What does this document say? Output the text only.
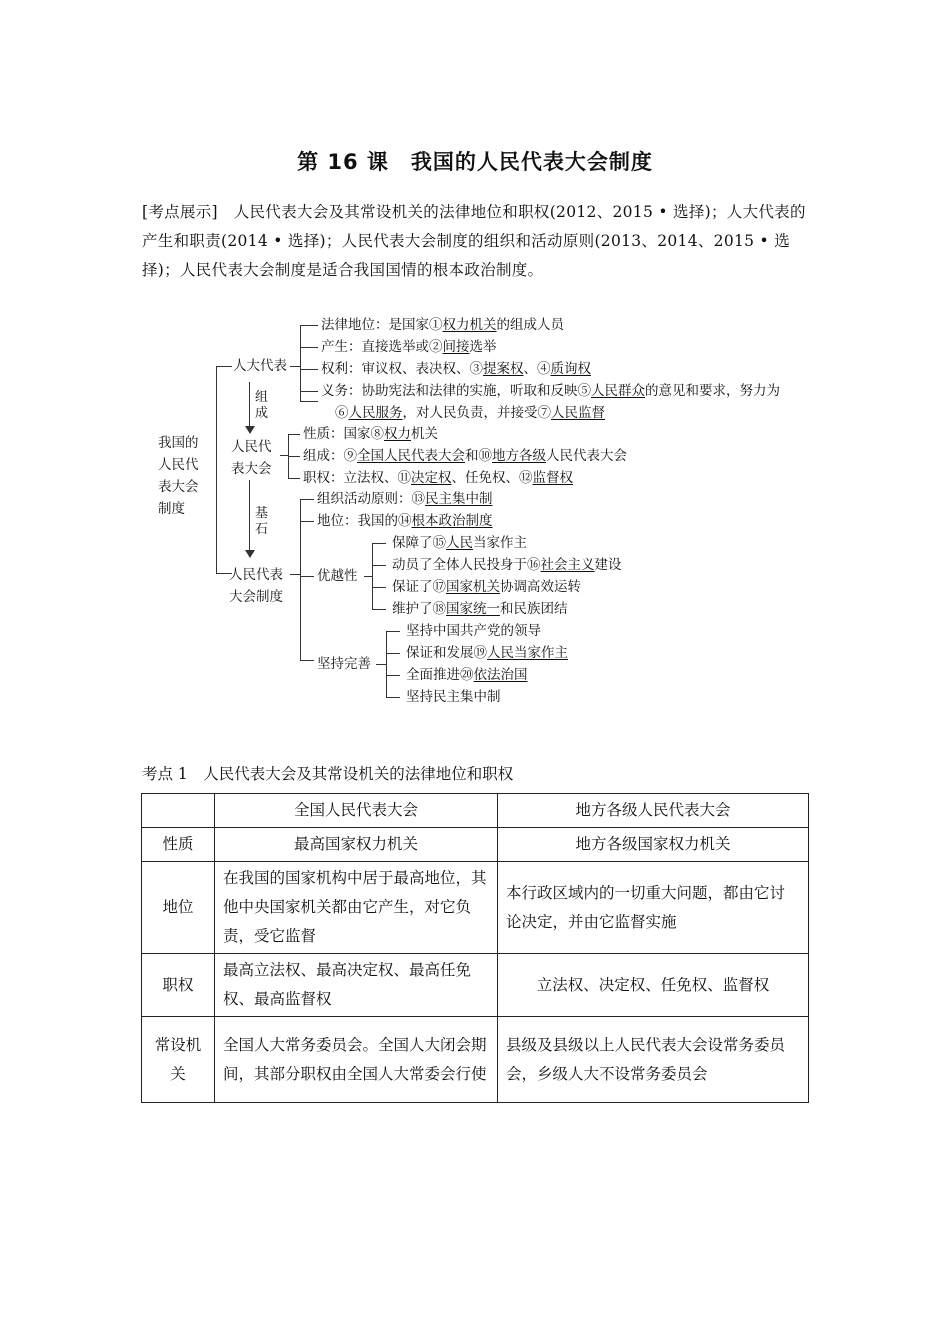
第 16 课　我国的人民代表大会制度
[考点展示]　人民代表大会及其常设机关的法律地位和职权(2012、2015 • 选择)；人大代表的产生和职责(2014 • 选择)；人民代表大会制度的组织和活动原则(2013、2014、2015 • 选择)；人民代表大会制度是适合我国国情的根本政治制度。
我国的
人民代
表大会
制度
人大代表
法律地位：是国家①权力机关的组成人员
产生：直接选举或②间接选举
权利：审议权、表决权、③提案权、④质询权
义务：协助宪法和法律的实施，听取和反映⑤人民群众的意见和要求，努力为
⑥人民服务，对人民负责，并接受⑦人民监督
组
成
人民代
表大会
性质：国家⑧权力机关
组成：⑨全国人民代表大会和⑩地方各级人民代表大会
职权：立法权、⑪决定权、任免权、⑫监督权
基
石
人民代表
大会制度
组织活动原则：⑬民主集中制
地位：我国的⑭根本政治制度
优越性
保障了⑮人民当家作主
动员了全体人民投身于⑯社会主义建设
保证了⑰国家机关协调高效运转
维护了⑱国家统一和民族团结
坚持完善
坚持中国共产党的领导
保证和发展⑲人民当家作主
全面推进⑳依法治国
坚持民主集中制
考点 1　人民代表大会及其常设机关的法律地位和职权
	全国人民代表大会	地方各级人民代表大会
性质	最高国家权力机关	地方各级国家权力机关
地位	在我国的国家机构中居于最高地位，其他中央国家机关都由它产生，对它负责，受它监督	本行政区域内的一切重大问题，都由它讨论决定，并由它监督实施
职权	最高立法权、最高决定权、最高任免权、最高监督权	立法权、决定权、任免权、监督权
常设机关	全国人大常务委员会。全国人大闭会期间，其部分职权由全国人大常委会行使	县级及县级以上人民代表大会设常务委员会，乡级人大不设常务委员会
